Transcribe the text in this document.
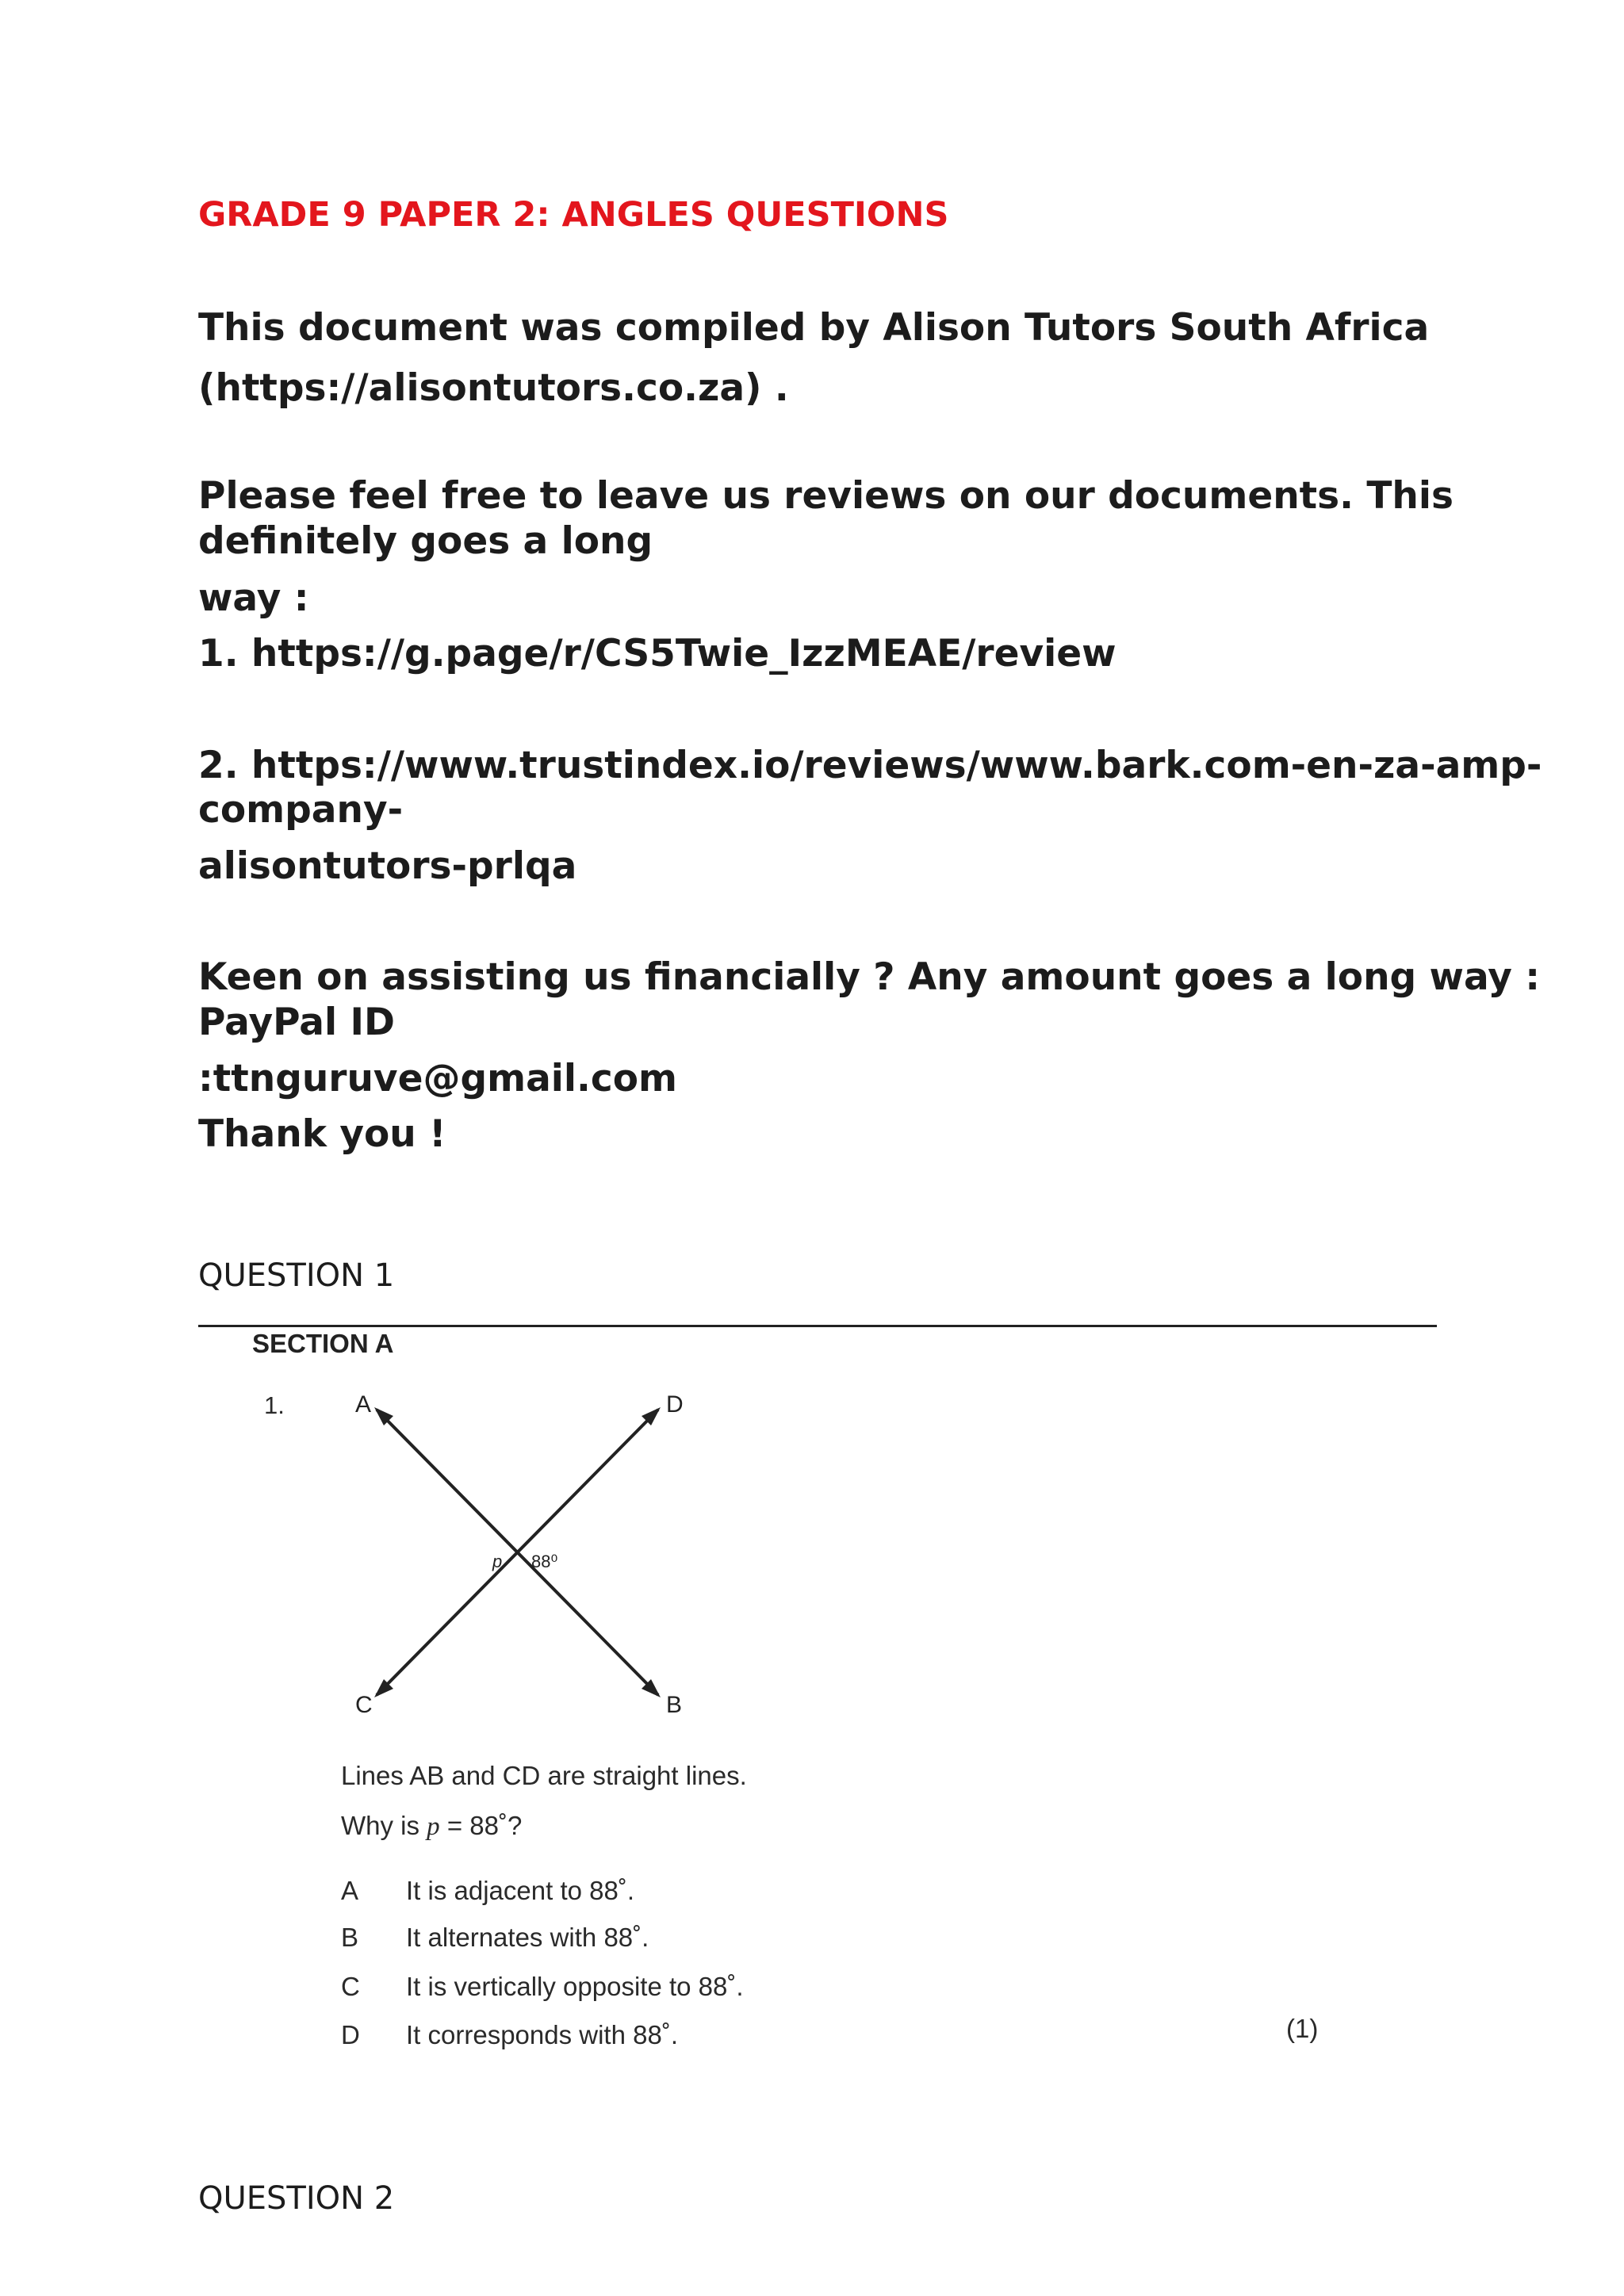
GRADE 9 PAPER 2: ANGLES QUESTIONS

This document was compiled by Alison Tutors South Africa

(https://alisontutors.co.za) .

Please feel free to leave us reviews on our documents. This

definitely goes a long

way :

1. https://g.page/r/CS5Twie_IzzMEAE/review

2. https://www.trustindex.io/reviews/www.bark.com-en-za-amp-

company-

alisontutors-prlqa

Keen on assisting us financially ? Any amount goes a long way :

PayPal ID

:ttnguruve@gmail.com

Thank you !

QUESTION 1

SECTION A

1.	A	D
C	B
p 88⁰

Lines AB and CD are straight lines.

Why is p = 88˚?

A It is adjacent to 88˚.

B It alternates with 88˚.

C It is vertically opposite to 88˚.

D It corresponds with 88˚.	(1)

QUESTION 2
